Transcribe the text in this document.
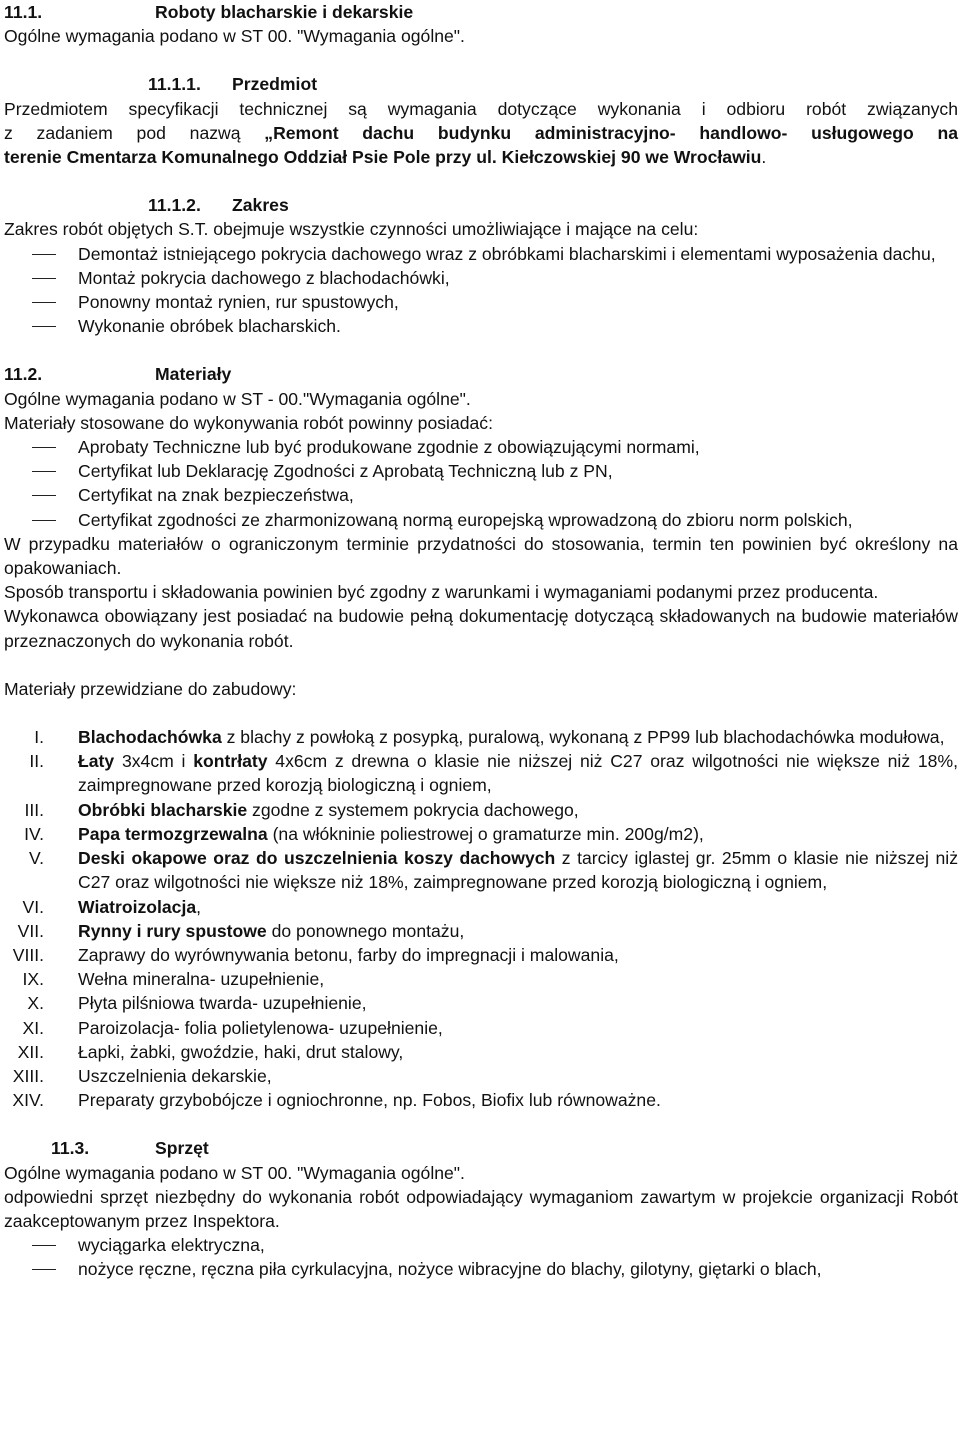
11.1.	Roboty blacharskie i dekarskie

Ogólne wymagania podano w ST 00. "Wymagania ogólne".

11.1.1.	Przedmiot

Przedmiotem specyfikacji technicznej są wymagania dotyczące wykonania i odbioru robót związanych

z zadaniem pod nazwą „Remont dachu budynku administracyjno- handlowo- usługowego na

terenie Cmentarza Komunalnego Oddział Psie Pole przy ul. Kiełczowskiej 90 we Wrocławiu.

11.1.2.	Zakres

Zakres robót objętych S.T. obejmuje wszystkie czynności umożliwiające i mające na celu:

Demontaż istniejącego pokrycia dachowego wraz z obróbkami blacharskimi i elementami wyposażenia dachu,
Montaż pokrycia dachowego z blachodachówki,
Ponowny montaż rynien, rur spustowych,
Wykonanie obróbek blacharskich.
11.2.	Materiały

Ogólne wymagania podano w ST - 00."Wymagania ogólne".

Materiały stosowane do wykonywania robót powinny posiadać:

Aprobaty Techniczne lub być produkowane zgodnie z obowiązującymi normami,
Certyfikat lub Deklarację Zgodności z Aprobatą Techniczną lub z PN,
Certyfikat na znak bezpieczeństwa,
Certyfikat zgodności ze zharmonizowaną normą europejską wprowadzoną do zbioru norm polskich,

W przypadku materiałów o ograniczonym terminie przydatności do stosowania, termin ten powinien być określony na opakowaniach.

Sposób transportu i składowania powinien być zgodny z warunkami i wymaganiami podanymi przez producenta.

Wykonawca obowiązany jest posiadać na budowie pełną dokumentację dotyczącą składowanych na budowie materiałów przeznaczonych do wykonania robót.

Materiały przewidziane do zabudowy:

I. Blachodachówka z blachy z powłoką z posypką, puralową, wykonaną z PP99 lub blachodachówka modułowa,
II. Łaty 3x4cm i kontrłaty 4x6cm z drewna o klasie nie niższej niż C27 oraz wilgotności nie większe niż 18%, zaimpregnowane przed korozją biologiczną i ogniem,
III. Obróbki blacharskie zgodne z systemem pokrycia dachowego,
IV. Papa termozgrzewalna (na włókninie poliestrowej o gramaturze min. 200g/m2),
V. Deski okapowe oraz do uszczelnienia koszy dachowych z tarcicy iglastej gr. 25mm o klasie nie niższej niż C27 oraz wilgotności nie większe niż 18%, zaimpregnowane przed korozją biologiczną i ogniem,
VI. Wiatroizolacja,
VII. Rynny i rury spustowe do ponownego montażu,
VIII. Zaprawy do wyrównywania betonu, farby do impregnacji i malowania,
IX. Wełna mineralna- uzupełnienie,
X. Płyta pilśniowa twarda- uzupełnienie,
XI. Paroizolacja- folia polietylenowa- uzupełnienie,
XII. Łapki, żabki, gwoździe, haki, drut stalowy,
XIII. Uszczelnienia dekarskie,
XIV. Preparaty grzybobójcze i ogniochronne, np. Fobos, Biofix lub równoważne.
11.3.	Sprzęt

Ogólne wymagania podano w ST 00. "Wymagania ogólne".

odpowiedni sprzęt niezbędny do wykonania robót odpowiadający wymaganiom zawartym w projekcie organizacji Robót zaakceptowanym przez Inspektora.

wyciągarka elektryczna,
nożyce ręczne, ręczna piła cyrkulacyjna, nożyce wibracyjne do blachy, gilotyny, giętarki o blach,
